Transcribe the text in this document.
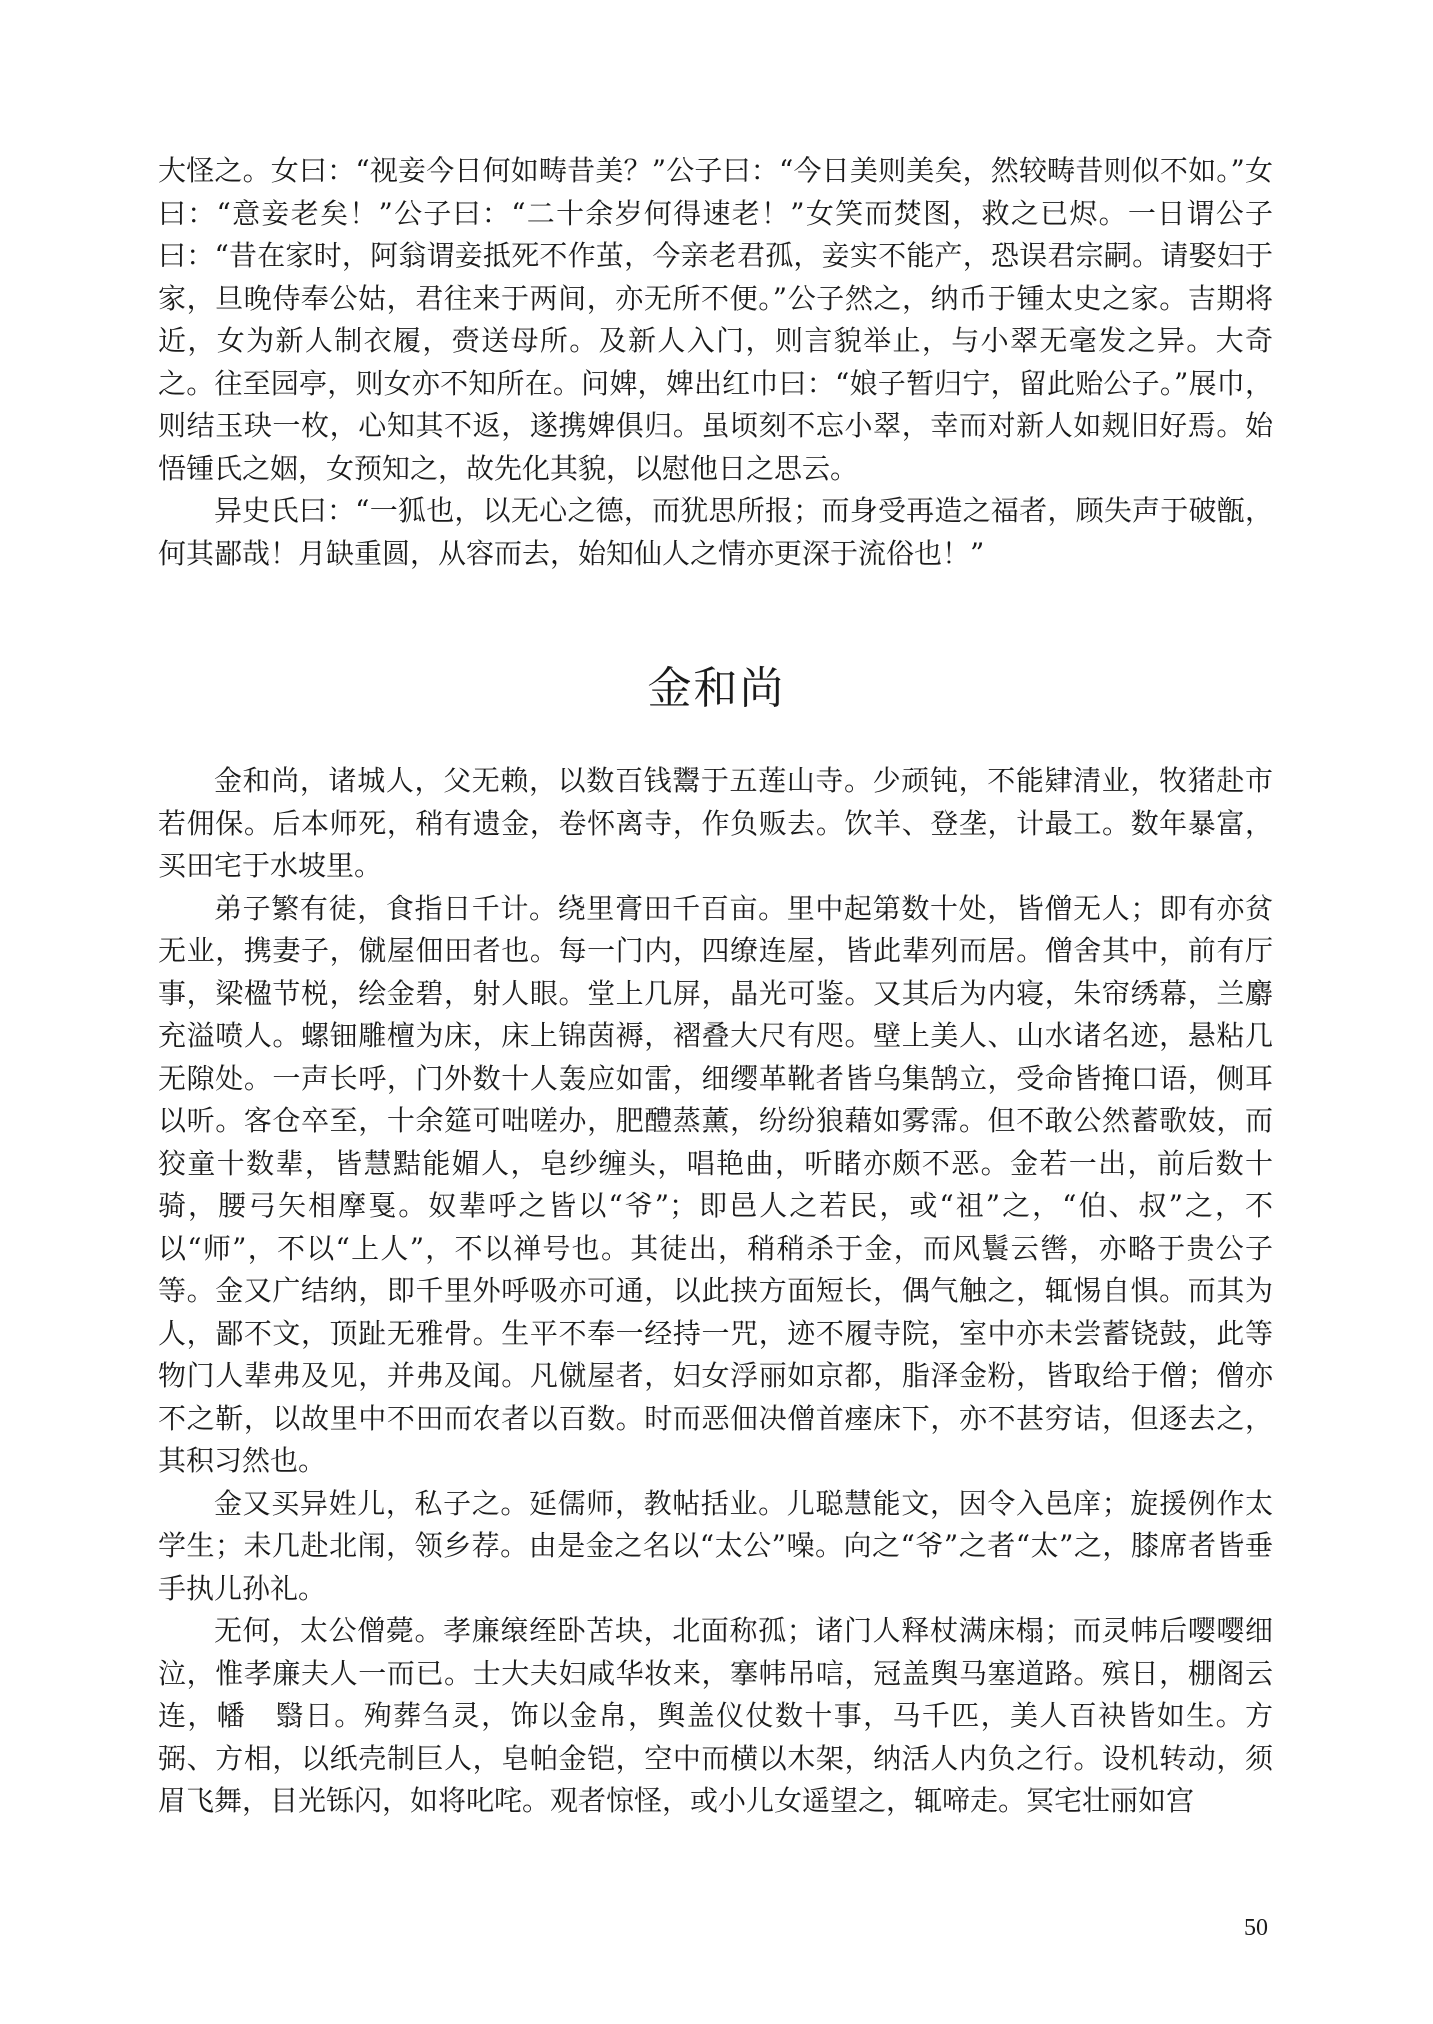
大怪之。女曰：“视妾今日何如畴昔美？”公子曰：“今日美则美矣，然较畴昔则似不如。”女曰：“意妾老矣！”公子曰：“二十余岁何得速老！”女笑而焚图，救之已烬。一日谓公子曰：“昔在家时，阿翁谓妾抵死不作茧，今亲老君孤，妾实不能产，恐误君宗嗣。请娶妇于家，旦晚侍奉公姑，君往来于两间，亦无所不便。”公子然之，纳币于锺太史之家。吉期将近，女为新人制衣履，赍送母所。及新人入门，则言貌举止，与小翠无毫发之异。大奇之。往至园亭，则女亦不知所在。问婢，婢出红巾曰：“娘子暂归宁，留此贻公子。”展巾，则结玉玦一枚，心知其不返，遂携婢俱归。虽顷刻不忘小翠，幸而对新人如觌旧好焉。始悟锺氏之姻，女预知之，故先化其貌，以慰他日之思云。

异史氏曰：“一狐也，以无心之德，而犹思所报；而身受再造之福者，顾失声于破甑，何其鄙哉！月缺重圆，从容而去，始知仙人之情亦更深于流俗也！”

金和尚

金和尚，诸城人，父无赖，以数百钱鬻于五莲山寺。少顽钝，不能肄清业，牧猪赴市若佣保。后本师死，稍有遗金，卷怀离寺，作负贩去。饮羊、登垄，计最工。数年暴富，买田宅于水坡里。

弟子繁有徒，食指日千计。绕里膏田千百亩。里中起第数十处，皆僧无人；即有亦贫无业，携妻子，僦屋佃田者也。每一门内，四缭连屋，皆此辈列而居。僧舍其中，前有厅事，梁楹节棁，绘金碧，射人眼。堂上几屏，晶光可鉴。又其后为内寝，朱帘绣幕，兰麝充溢喷人。螺钿雕檀为床，床上锦茵褥，褶叠大尺有咫。壁上美人、山水诸名迹，悬粘几无隙处。一声长呼，门外数十人轰应如雷，细缨革靴者皆乌集鹄立，受命皆掩口语，侧耳以听。客仓卒至，十余筵可咄嗟办，肥醴蒸薰，纷纷狼藉如雾霈。但不敢公然蓄歌妓，而狡童十数辈，皆慧黠能媚人，皂纱缠头，唱艳曲，听睹亦颇不恶。金若一出，前后数十骑，腰弓矢相摩戛。奴辈呼之皆以“爷”；即邑人之若民，或“祖”之，“伯、叔”之，不以“师”，不以“上人”，不以禅号也。其徒出，稍稍杀于金，而风鬟云辔，亦略于贵公子等。金又广结纳，即千里外呼吸亦可通，以此挟方面短长，偶气触之，辄惕自惧。而其为人，鄙不文，顶趾无雅骨。生平不奉一经持一咒，迹不履寺院，室中亦未尝蓄铙鼓，此等物门人辈弗及见，并弗及闻。凡僦屋者，妇女浮丽如京都，脂泽金粉，皆取给于僧；僧亦不之靳，以故里中不田而农者以百数。时而恶佃决僧首瘗床下，亦不甚穷诘，但逐去之，其积习然也。

金又买异姓儿，私子之。延儒师，教帖括业。儿聪慧能文，因令入邑庠；旋援例作太学生；未几赴北闱，领乡荐。由是金之名以“太公”噪。向之“爷”之者“太”之，膝席者皆垂手执儿孙礼。

无何，太公僧薨。孝廉缞绖卧苫块，北面称孤；诸门人释杖满床榻；而灵帏后嘤嘤细泣，惟孝廉夫人一而已。士大夫妇咸华妆来，搴帏吊唁，冠盖舆马塞道路。殡日，棚阁云连，幡　翳日。殉葬刍灵，饰以金帛，舆盖仪仗数十事，马千匹，美人百袂皆如生。方弼、方相，以纸壳制巨人，皂帕金铠，空中而横以木架，纳活人内负之行。设机转动，须眉飞舞，目光铄闪，如将叱咤。观者惊怪，或小儿女遥望之，辄啼走。冥宅壮丽如宫

50
